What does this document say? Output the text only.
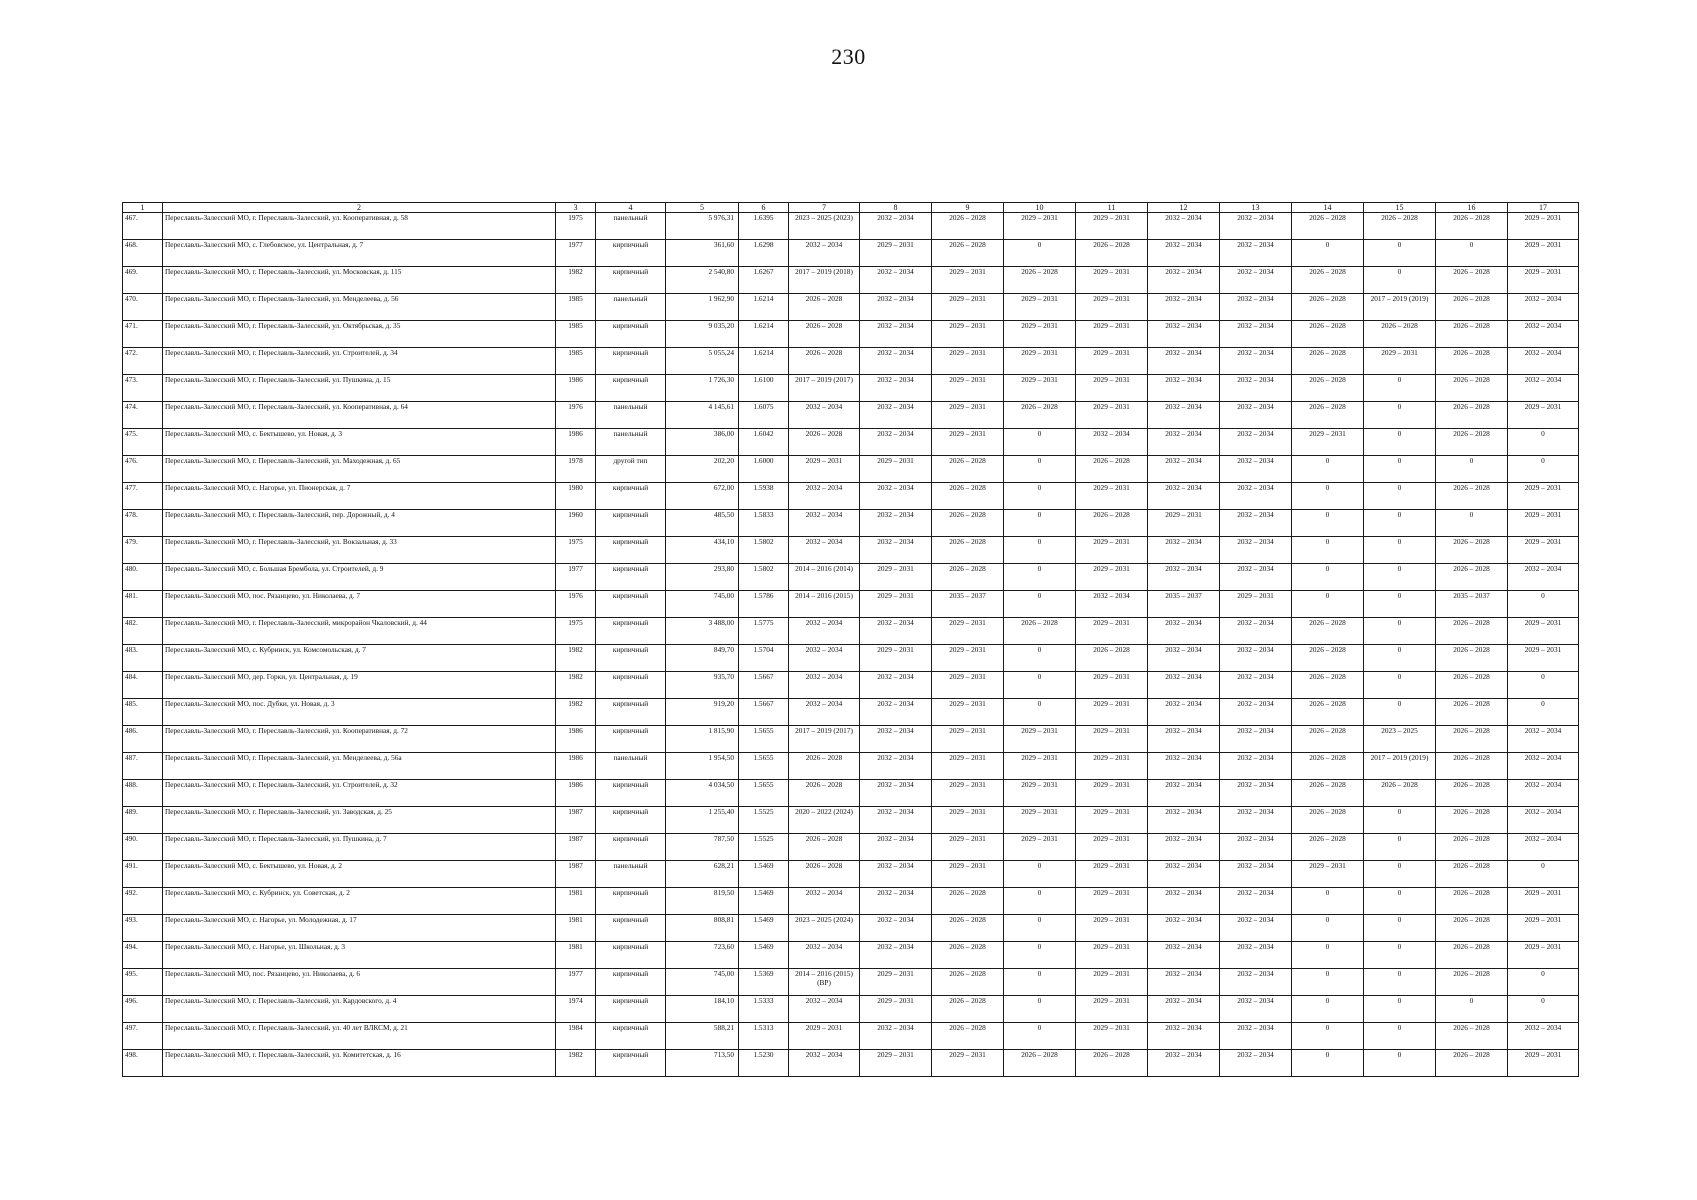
230
1	2	3	4	5	6	7	8	9	10	11	12	13	14	15	16	17
467.	Переславль-Залесский МО, г. Переславль-Залесский, ул. Кооперативная, д. 58	1975	панельный	5 976,31	1.6395	2023 – 2025 (2023)	2032 – 2034	2026 – 2028	2029 – 2031	2029 – 2031	2032 – 2034	2032 – 2034	2026 – 2028	2026 – 2028	2026 – 2028	2029 – 2031
468.	Переславль-Залесский МО, с. Глебовское, ул. Центральная, д. 7	1977	кирпичный	361,60	1.6298	2032 – 2034	2029 – 2031	2026 – 2028	0	2026 – 2028	2032 – 2034	2032 – 2034	0	0	0	2029 – 2031
469.	Переславль-Залесский МО, г. Переславль-Залесский, ул. Московская, д. 115	1982	кирпичный	2 540,80	1.6267	2017 – 2019 (2018)	2032 – 2034	2029 – 2031	2026 – 2028	2029 – 2031	2032 – 2034	2032 – 2034	2026 – 2028	0	2026 – 2028	2029 – 2031
470.	Переславль-Залесский МО, г. Переславль-Залесский, ул. Менделеева, д. 56	1985	панельный	1 962,90	1.6214	2026 – 2028	2032 – 2034	2029 – 2031	2029 – 2031	2029 – 2031	2032 – 2034	2032 – 2034	2026 – 2028	2017 – 2019 (2019)	2026 – 2028	2032 – 2034
471.	Переславль-Залесский МО, г. Переславль-Залесский, ул. Октябрьская, д. 35	1985	кирпичный	9 035,20	1.6214	2026 – 2028	2032 – 2034	2029 – 2031	2029 – 2031	2029 – 2031	2032 – 2034	2032 – 2034	2026 – 2028	2026 – 2028	2026 – 2028	2032 – 2034
472.	Переславль-Залесский МО, г. Переславль-Залесский, ул. Строителей, д. 34	1985	кирпичный	5 055,24	1.6214	2026 – 2028	2032 – 2034	2029 – 2031	2029 – 2031	2029 – 2031	2032 – 2034	2032 – 2034	2026 – 2028	2029 – 2031	2026 – 2028	2032 – 2034
473.	Переславль-Залесский МО, г. Переславль-Залесский, ул. Пушкина, д. 15	1986	кирпичный	1 726,30	1.6100	2017 – 2019 (2017)	2032 – 2034	2029 – 2031	2029 – 2031	2029 – 2031	2032 – 2034	2032 – 2034	2026 – 2028	0	2026 – 2028	2032 – 2034
474.	Переславль-Залесский МО, г. Переславль-Залесский, ул. Кооперативная, д. 64	1976	панельный	4 145,61	1.6075	2032 – 2034	2032 – 2034	2029 – 2031	2026 – 2028	2029 – 2031	2032 – 2034	2032 – 2034	2026 – 2028	0	2026 – 2028	2029 – 2031
475.	Переславль-Залесский МО, с. Бектышево, ул. Новая, д. 3	1986	панельный	386,00	1.6042	2026 – 2028	2032 – 2034	2029 – 2031	0	2032 – 2034	2032 – 2034	2032 – 2034	2029 – 2031	0	2026 – 2028	0
476.	Переславль-Залесский МО, г. Переславль-Залесский, ул. Маходежная, д. 65	1978	другой тип	202,20	1.6000	2029 – 2031	2029 – 2031	2026 – 2028	0	2026 – 2028	2032 – 2034	2032 – 2034	0	0	0	0
477.	Переславль-Залесский МО, с. Нагорье, ул. Пионерская, д. 7	1980	кирпичный	672,00	1.5938	2032 – 2034	2032 – 2034	2026 – 2028	0	2029 – 2031	2032 – 2034	2032 – 2034	0	0	2026 – 2028	2029 – 2031
478.	Переславль-Залесский МО, г. Переславль-Залесский, пер. Дорожный, д. 4	1960	кирпичный	485,50	1.5833	2032 – 2034	2032 – 2034	2026 – 2028	0	2026 – 2028	2029 – 2031	2032 – 2034	0	0	0	2029 – 2031
479.	Переславль-Залесский МО, г. Переславль-Залесский, ул. Вокзальная, д. 33	1975	кирпичный	434,10	1.5802	2032 – 2034	2032 – 2034	2026 – 2028	0	2029 – 2031	2032 – 2034	2032 – 2034	0	0	2026 – 2028	2029 – 2031
480.	Переславль-Залесский МО, с. Большая Брембола, ул. Строителей, д. 9	1977	кирпичный	293,80	1.5802	2014 – 2016 (2014)	2029 – 2031	2026 – 2028	0	2029 – 2031	2032 – 2034	2032 – 2034	0	0	2026 – 2028	2032 – 2034
481.	Переславль-Залесский МО, пос. Рязанцево, ул. Николаева, д. 7	1976	кирпичный	745,00	1.5786	2014 – 2016 (2015)	2029 – 2031	2035 – 2037	0	2032 – 2034	2035 – 2037	2029 – 2031	0	0	2035 – 2037	0
482.	Переславль-Залесский МО, г. Переславль-Залесский, микрорайон Чкаловский, д. 44	1975	кирпичный	3 488,00	1.5775	2032 – 2034	2032 – 2034	2029 – 2031	2026 – 2028	2029 – 2031	2032 – 2034	2032 – 2034	2026 – 2028	0	2026 – 2028	2029 – 2031
483.	Переславль-Залесский МО, с. Кубринск, ул. Комсомольская, д. 7	1982	кирпичный	849,70	1.5704	2032 – 2034	2029 – 2031	2029 – 2031	0	2026 – 2028	2032 – 2034	2032 – 2034	2026 – 2028	0	2026 – 2028	2029 – 2031
484.	Переславль-Залесский МО, дер. Горки, ул. Центральная, д. 19	1982	кирпичный	935,70	1.5667	2032 – 2034	2032 – 2034	2029 – 2031	0	2029 – 2031	2032 – 2034	2032 – 2034	2026 – 2028	0	2026 – 2028	0
485.	Переславль-Залесский МО, пос. Дубки, ул. Новая, д. 3	1982	кирпичный	919,20	1.5667	2032 – 2034	2032 – 2034	2029 – 2031	0	2029 – 2031	2032 – 2034	2032 – 2034	2026 – 2028	0	2026 – 2028	0
486.	Переславль-Залесский МО, г. Переславль-Залесский, ул. Кооперативная, д. 72	1986	кирпичный	1 815,90	1.5655	2017 – 2019 (2017)	2032 – 2034	2029 – 2031	2029 – 2031	2029 – 2031	2032 – 2034	2032 – 2034	2026 – 2028	2023 – 2025	2026 – 2028	2032 – 2034
487.	Переславль-Залесский МО, г. Переславль-Залесский, ул. Менделеева, д. 56а	1986	панельный	1 954,50	1.5655	2026 – 2028	2032 – 2034	2029 – 2031	2029 – 2031	2029 – 2031	2032 – 2034	2032 – 2034	2026 – 2028	2017 – 2019 (2019)	2026 – 2028	2032 – 2034
488.	Переславль-Залесский МО, г. Переславль-Залесский, ул. Строителей, д. 32	1986	кирпичный	4 034,50	1.5655	2026 – 2028	2032 – 2034	2029 – 2031	2029 – 2031	2029 – 2031	2032 – 2034	2032 – 2034	2026 – 2028	2026 – 2028	2026 – 2028	2032 – 2034
489.	Переславль-Залесский МО, г. Переславль-Залесский, ул. Заводская, д. 25	1987	кирпичный	1 255,40	1.5525	2020 – 2022 (2024)	2032 – 2034	2029 – 2031	2029 – 2031	2029 – 2031	2032 – 2034	2032 – 2034	2026 – 2028	0	2026 – 2028	2032 – 2034
490.	Переславль-Залесский МО, г. Переславль-Залесский, ул. Пушкина, д. 7	1987	кирпичный	787,50	1.5525	2026 – 2028	2032 – 2034	2029 – 2031	2029 – 2031	2029 – 2031	2032 – 2034	2032 – 2034	2026 – 2028	0	2026 – 2028	2032 – 2034
491.	Переславль-Залесский МО, с. Бектышево, ул. Новая, д. 2	1987	панельный	628,21	1.5469	2026 – 2028	2032 – 2034	2029 – 2031	0	2029 – 2031	2032 – 2034	2032 – 2034	2029 – 2031	0	2026 – 2028	0
492.	Переславль-Залесский МО, с. Кубринск, ул. Советская, д. 2	1981	кирпичный	819,50	1.5469	2032 – 2034	2032 – 2034	2026 – 2028	0	2029 – 2031	2032 – 2034	2032 – 2034	0	0	2026 – 2028	2029 – 2031
493.	Переславль-Залесский МО, с. Нагорье, ул. Молодежная, д. 17	1981	кирпичный	808,81	1.5469	2023 – 2025 (2024)	2032 – 2034	2026 – 2028	0	2029 – 2031	2032 – 2034	2032 – 2034	0	0	2026 – 2028	2029 – 2031
494.	Переславль-Залесский МО, с. Нагорье, ул. Школьная, д. 3	1981	кирпичный	723,60	1.5469	2032 – 2034	2032 – 2034	2026 – 2028	0	2029 – 2031	2032 – 2034	2032 – 2034	0	0	2026 – 2028	2029 – 2031
495.	Переславль-Залесский МО, пос. Рязанцево, ул. Николаева, д. 6	1977	кирпичный	745,00	1.5369	2014 – 2016 (2015) (ВР)	2029 – 2031	2026 – 2028	0	2029 – 2031	2032 – 2034	2032 – 2034	0	0	2026 – 2028	0
496.	Переславль-Залесский МО, г. Переславль-Залесский, ул. Кардовского, д. 4	1974	кирпичный	184,10	1.5333	2032 – 2034	2029 – 2031	2026 – 2028	0	2029 – 2031	2032 – 2034	2032 – 2034	0	0	0	0
497.	Переславль-Залесский МО, г. Переславль-Залесский, ул. 40 лет ВЛКСМ, д. 21	1984	кирпичный	588,21	1.5313	2029 – 2031	2032 – 2034	2026 – 2028	0	2029 – 2031	2032 – 2034	2032 – 2034	0	0	2026 – 2028	2032 – 2034
498.	Переславль-Залесский МО, г. Переславль-Залесский, ул. Комитетская, д. 16	1982	кирпичный	713,50	1.5230	2032 – 2034	2029 – 2031	2029 – 2031	2026 – 2028	2026 – 2028	2032 – 2034	2032 – 2034	0	0	2026 – 2028	2029 – 2031
